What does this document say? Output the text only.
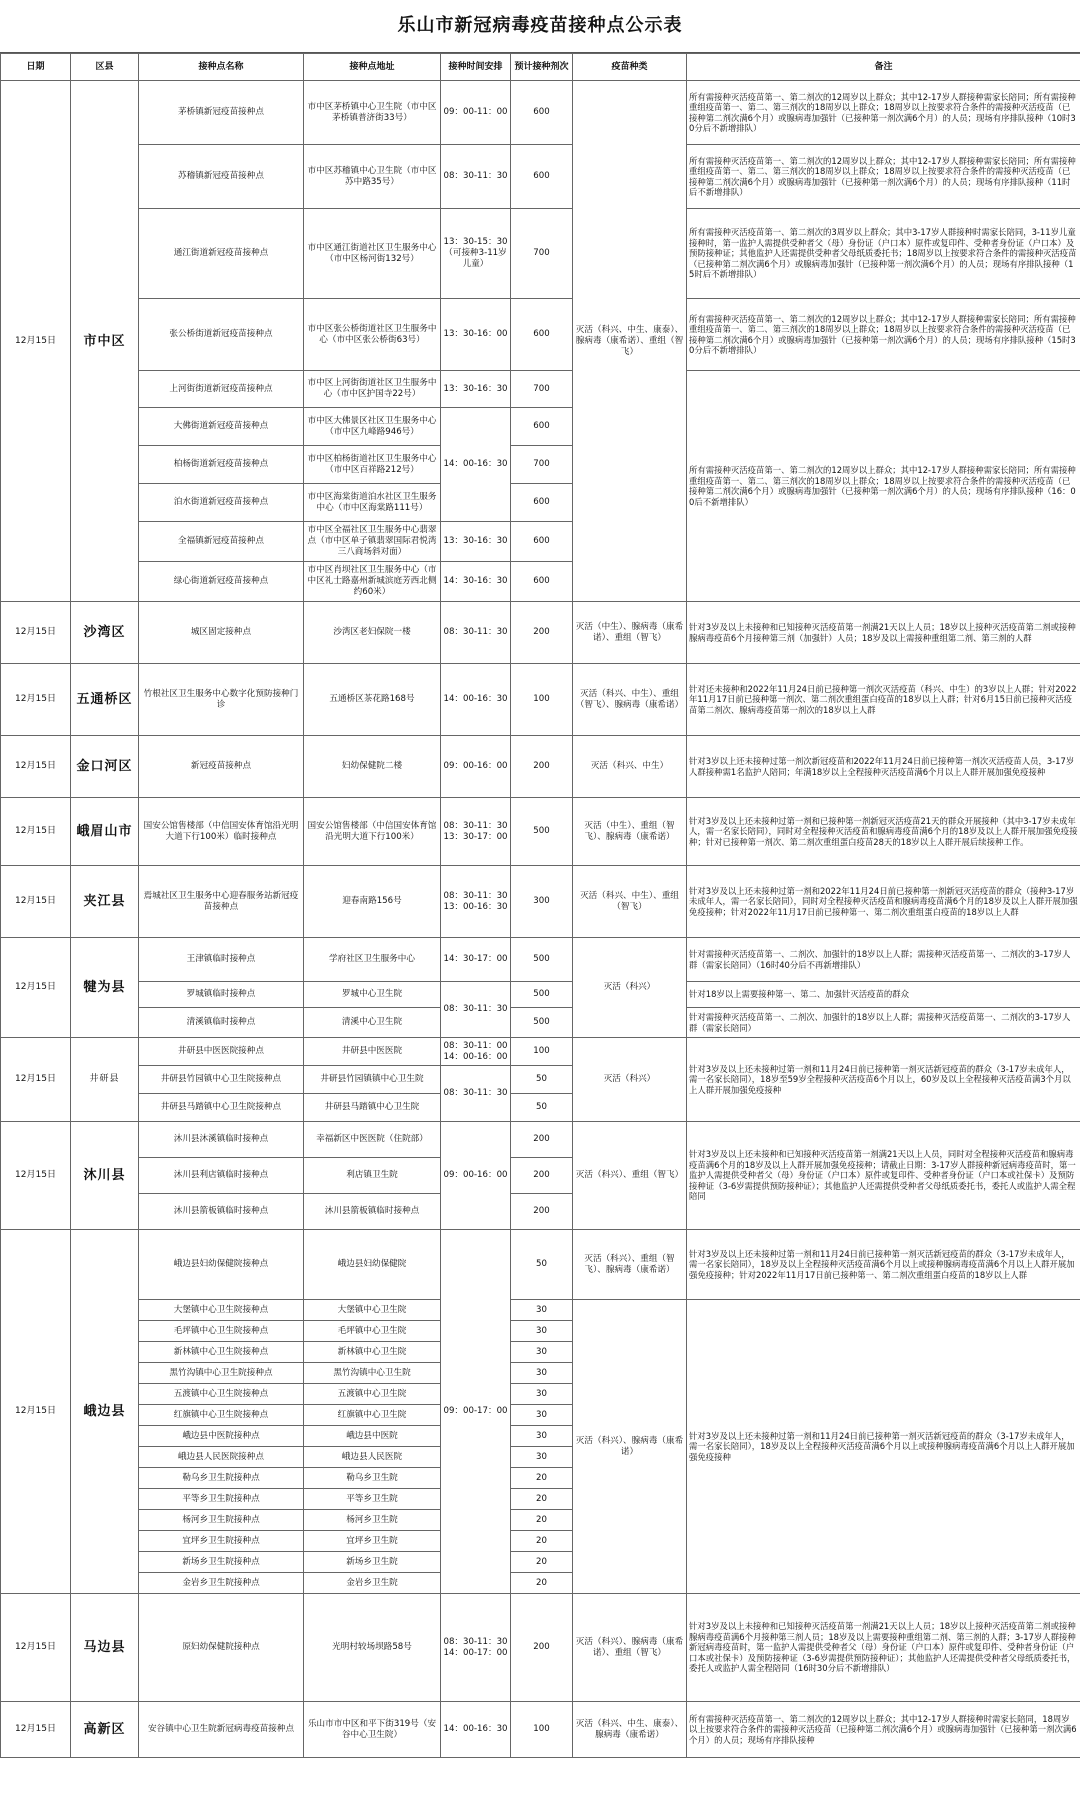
乐山市新冠病毒疫苗接种点公示表
日期	区县	接种点名称	接种点地址	接种时间安排	预计接种剂次	疫苗种类	备注
12月15日	市中区	茅桥镇新冠疫苗接种点	市中区茅桥镇中心卫生院（市中区茅桥镇普济街33号）	09：00-11：00	600	灭活（科兴、中生、康泰）、腺病毒（康希诺）、重组（智飞）	所有需接种灭活疫苗第一、第二剂次的12周岁以上群众；其中12-17岁人群接种需家长陪同；所有需接种重组疫苗第一、第二、第三剂次的18周岁以上群众；18周岁以上按要求符合条件的需接种灭活疫苗（已接种第二剂次满6个月）或腺病毒加强针（已接种第一剂次满6个月）的人员；现场有序排队接种（10时30分后不新增排队）
		苏稽镇新冠疫苗接种点	市中区苏稽镇中心卫生院（市中区苏中路35号）	08：30-11：30	600		所有需接种灭活疫苗第一、第二剂次的12周岁以上群众；其中12-17岁人群接种需家长陪同；所有需接种重组疫苗第一、第二、第三剂次的18周岁以上群众；18周岁以上按要求符合条件的需接种灭活疫苗（已接种第二剂次满6个月）或腺病毒加强针（已接种第一剂次满6个月）的人员；现场有序排队接种（11时后不新增排队）
		通江街道新冠疫苗接种点	市中区通江街道社区卫生服务中心（市中区杨河街132号）	13：30-15：30（可接种3-11岁儿童）	700		所有需接种灭活疫苗第一、第二剂次的3周岁以上群众；其中3-17岁人群接种时需家长陪同，3-11岁儿童接种时，第一监护人需提供受种者父（母）身份证（户口本）原件或复印件、受种者身份证（户口本）及预防接种证；其他监护人还需提供受种者父母纸质委托书；18周岁以上按要求符合条件的需接种灭活疫苗（已接种第二剂次满6个月）或腺病毒加强针（已接种第一剂次满6个月）的人员；现场有序排队接种（15时后不新增排队）
		张公桥街道新冠疫苗接种点	市中区张公桥街道社区卫生服务中心（市中区张公桥街63号）	13：30-16：00	600		所有需接种灭活疫苗第一、第二剂次的12周岁以上群众；其中12-17岁人群接种需家长陪同；所有需接种重组疫苗第一、第二、第三剂次的18周岁以上群众；18周岁以上按要求符合条件的需接种灭活疫苗（已接种第二剂次满6个月）或腺病毒加强针（已接种第一剂次满6个月）的人员；现场有序排队接种（15时30分后不新增排队）
		上河街街道新冠疫苗接种点	市中区上河街街道社区卫生服务中心（市中区护国寺22号）	13：30-16：30	700		所有需接种灭活疫苗第一、第二剂次的12周岁以上群众；其中12-17岁人群接种需家长陪同；所有需接种重组疫苗第一、第二、第三剂次的18周岁以上群众；18周岁以上按要求符合条件的需接种灭活疫苗（已接种第二剂次满6个月）或腺病毒加强针（已接种第一剂次满6个月）的人员；现场有序排队接种（16：00后不新增排队）
		大佛街道新冠疫苗接种点	市中区大佛景区社区卫生服务中心（市中区九峰路946号）	14：00-16：30	600		
		柏杨街道新冠疫苗接种点	市中区柏杨街道社区卫生服务中心（市中区百祥路212号）		700		
		泊水街道新冠疫苗接种点	市中区海棠街道泊水社区卫生服务中心（市中区海棠路111号）		600		
		全福镇新冠疫苗接种点	市中区全福社区卫生服务中心翡翠点（市中区单子镇翡翠国际君悦湾三八商场斜对面）	13：30-16：30	600		
		绿心街道新冠疫苗接种点	市中区肖坝社区卫生服务中心（市中区礼士路嘉州新城滨庭芳西北侧约60米）	14：30-16：30	600		
12月15日	沙湾区	城区固定接种点	沙湾区老妇保院一楼	08：30-11：30	200	灭活（中生）、腺病毒（康希诺）、重组（智飞）	针对3岁及以上未接种和已知接种灭活疫苗第一剂满21天以上人员；18岁以上接种灭活疫苗第二剂或接种腺病毒疫苗6个月接种第三剂（加强针）人员；18岁及以上需接种重组第二剂、第三剂的人群
12月15日	五通桥区	竹根社区卫生服务中心数字化预防接种门诊	五通桥区茶花路168号	14：00-16：30	100	灭活（科兴、中生）、重组（智飞）、腺病毒（康希诺）	针对还未接种和2022年11月24日前已接种第一剂次灭活疫苗（科兴、中生）的3岁以上人群；针对2022年11月17日前已接种第一剂次、第二剂次重组蛋白疫苗的18岁以上人群；针对6月15日前已接种灭活疫苗第二剂次、腺病毒疫苗第一剂次的18岁以上人群
12月15日	金口河区	新冠疫苗接种点	妇幼保健院二楼	09：00-16：00	200	灭活（科兴、中生）	针对3岁以上还未接种过第一剂次新冠疫苗和2022年11月24日前已接种第一剂次灭活疫苗人员，3-17岁人群接种需1名监护人陪同；年满18岁以上全程接种灭活疫苗满6个月以上人群开展加强免疫接种
12月15日	峨眉山市	国安公馆售楼部（中信国安体育馆沿光明大道下行100米）临时接种点	国安公馆售楼部（中信国安体育馆沿光明大道下行100米）	08：30-11：30 13：30-17：00	500	灭活（中生）、重组（智飞）、腺病毒（康希诺）	针对3岁及以上还未接种过第一剂和已接种第一剂新冠灭活疫苗21天的群众开展接种（其中3-17岁未成年人，需一名家长陪同），同时对全程接种灭活疫苗和腺病毒疫苗满6个月的18岁及以上人群开展加强免疫接种；针对已接种第一剂次、第二剂次重组蛋白疫苗28天的18岁以上人群开展后续接种工作。
12月15日	夹江县	焉城社区卫生服务中心迎春服务站新冠疫苗接种点	迎春南路156号	08：30-11：30 13：00-16：30	300	灭活（科兴、中生）、重组（智飞）	针对3岁及以上还未接种过第一剂和2022年11月24日前已接种第一剂新冠灭活疫苗的群众（接种3-17岁未成年人，需一名家长陪同），同时对全程接种灭活疫苗和腺病毒疫苗满6个月的18岁及以上人群开展加强免疫接种；针对2022年11月17日前已接种第一、第二剂次重组蛋白疫苗的18岁以上人群
12月15日	犍为县	王津镇临时接种点	学府社区卫生服务中心	14：30-17：00	500	灭活（科兴）	针对需接种灭活疫苗第一、二剂次、加强针的18岁以上人群；需接种灭活疫苗第一、二剂次的3-17岁人群（需家长陪同）（16时40分后不再新增排队）
		罗城镇临时接种点	罗城中心卫生院	08：30-11：30	500		针对18岁以上需要接种第一、第二、加强针灭活疫苗的群众
		清溪镇临时接种点	清溪中心卫生院		500		针对需接种灭活疫苗第一、二剂次、加强针的18岁以上人群；需接种灭活疫苗第一、二剂次的3-17岁人群（需家长陪同）
12月15日	井研县	井研县中医医院接种点	井研县中医医院	08：30-11：00 14：00-16：00	100	灭活（科兴）	针对3岁及以上还未接种过第一剂和11月24日前已接种第一剂灭活新冠疫苗的群众（3-17岁未成年人，需一名家长陪同），18岁至59岁全程接种灭活疫苗6个月以上，60岁及以上全程接种灭活疫苗满3个月以上人群开展加强免疫接种
		井研县竹园镇中心卫生院接种点	井研县竹园镇镇中心卫生院	08：30-11：30	50		
		井研县马踏镇中心卫生院接种点	井研县马踏镇中心卫生院		50		
12月15日	沐川县	沐川县沐溪镇临时接种点	幸福新区中医医院（住院部）	09：00-16：00	200	灭活（科兴）、重组（智飞）	针对3岁及以上还未接种和已知接种灭活疫苗第一剂满21天以上人员，同时对全程接种灭活疫苗和腺病毒疫苗满6个月的18岁及以上人群开展加强免疫接种；请截止日期：3-17岁人群接种新冠病毒疫苗时，第一监护人需提供受种者父（母）身份证（户口本）原件或复印件、受种者身份证（户口本或社保卡）及预防接种证（3-6岁需提供预防接种证）；其他监护人还需提供受种者父母纸质委托书，委托人或监护人需全程陪同
		沐川县利店镇临时接种点	利店镇卫生院		200		
		沐川县箭板镇临时接种点	沐川县箭板镇临时接种点		200		
12月15日	峨边县	峨边县妇幼保健院接种点	峨边县妇幼保健院	09：00-17：00	50	灭活（科兴）、重组（智飞）、腺病毒（康希诺）	针对3岁及以上还未接种过第一剂和11月24日前已接种第一剂灭活新冠疫苗的群众（3-17岁未成年人，需一名家长陪同），18岁及以上全程接种灭活疫苗满6个月以上或接种腺病毒疫苗满6个月以上人群开展加强免疫接种；针对2022年11月17日前已接种第一、第二剂次重组蛋白疫苗的18岁以上人群
		大堡镇中心卫生院接种点	大堡镇中心卫生院		30	灭活（科兴）、腺病毒（康希诺）	针对3岁及以上还未接种过第一剂和11月24日前已接种第一剂灭活新冠疫苗的群众（3-17岁未成年人，需一名家长陪同），18岁及以上全程接种灭活疫苗满6个月以上或接种腺病毒疫苗满6个月以上人群开展加强免疫接种
		毛坪镇中心卫生院接种点	毛坪镇中心卫生院		30		
		新林镇中心卫生院接种点	新林镇中心卫生院		30		
		黑竹沟镇中心卫生院接种点	黑竹沟镇中心卫生院		30		
		五渡镇中心卫生院接种点	五渡镇中心卫生院		30		
		红旗镇中心卫生院接种点	红旗镇中心卫生院		30		
		峨边县中医院接种点	峨边县中医院		30		
		峨边县人民医院接种点	峨边县人民医院		30		
		勒乌乡卫生院接种点	勒乌乡卫生院		20		
		平等乡卫生院接种点	平等乡卫生院		20		
		杨河乡卫生院接种点	杨河乡卫生院		20		
		宜坪乡卫生院接种点	宜坪乡卫生院		20		
		新场乡卫生院接种点	新场乡卫生院		20		
		金岩乡卫生院接种点	金岩乡卫生院		20		
12月15日	马边县	原妇幼保健院接种点	光明村较场坝路58号	08：30-11：30 14：00-17：00	200	灭活（科兴）、腺病毒（康希诺）、重组（智飞）	针对3岁及以上未接种和已知接种灭活疫苗第一剂满21天以上人员；18岁以上接种灭活疫苗第二剂或接种腺病毒疫苗满6个月接种第三剂人员；18岁及以上需要接种重组第二剂、第三剂的人群；3-17岁人群接种新冠病毒疫苗时，第一监护人需提供受种者父（母）身份证（户口本）原件或复印件、受种者身份证（户口本或社保卡）及预防接种证（3-6岁需提供预防接种证）；其他监护人还需提供受种者父母纸质委托书，委托人或监护人需全程陪同（16时30分后不新增排队）
12月15日	高新区	安谷镇中心卫生院新冠病毒疫苗接种点	乐山市市中区和平下街319号（安谷中心卫生院）	14：00-16：30	100	灭活（科兴、中生、康泰）、腺病毒（康希诺）	所有需接种灭活疫苗第一、第二剂次的12周岁以上群众；其中12-17岁人群接种时需家长陪同，18周岁以上按要求符合条件的需接种灭活疫苗（已接种第二剂次满6个月）或腺病毒加强针（已接种第一剂次满6个月）的人员；现场有序排队接种
